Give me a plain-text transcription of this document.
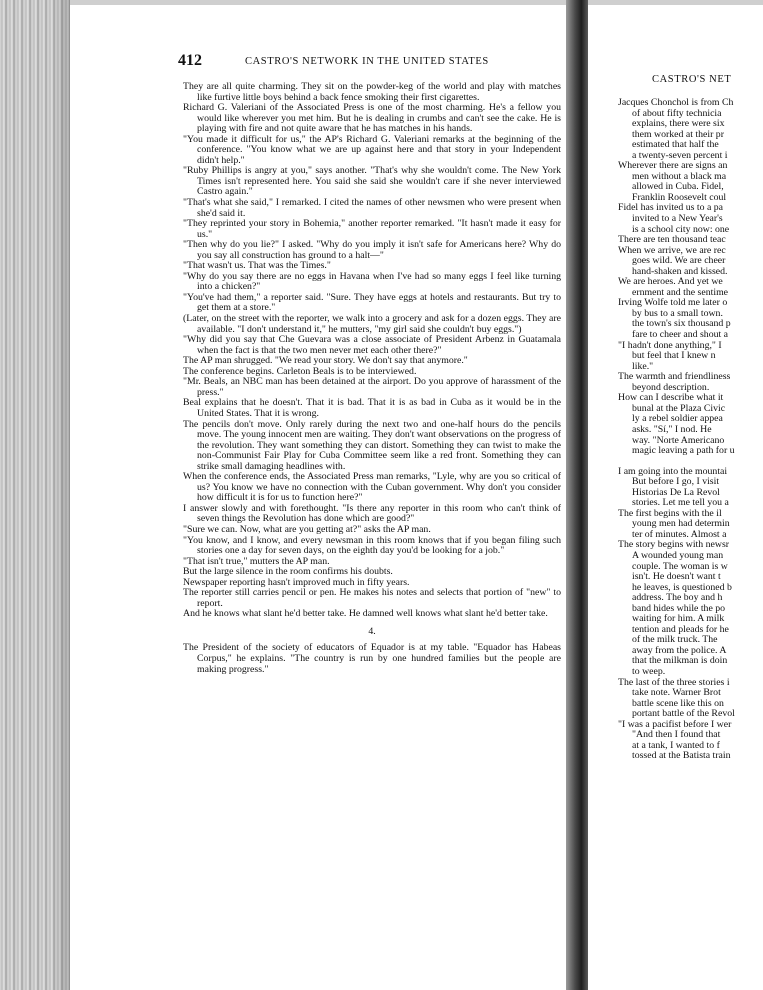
412	CASTRO'S NETWORK IN THE UNITED STATES

They are all quite charming. They sit on the powder-keg of the world and play with matches like furtive little boys behind a back fence smoking their first cigarettes.

Richard G. Valeriani of the Associated Press is one of the most charming. He's a fellow you would like wherever you met him. But he is dealing in crumbs and can't see the cake. He is playing with fire and not quite aware that he has matches in his hands.

"You made it difficult for us," the AP's Richard G. Valeriani remarks at the beginning of the conference. "You know what we are up against here and that story in your Independent didn't help."

"Ruby Phillips is angry at you," says another. "That's why she wouldn't come. The New York Times isn't represented here. You said she said she wouldn't care if she never interviewed Castro again."

"That's what she said," I remarked. I cited the names of other newsmen who were present when she'd said it.

"They reprinted your story in Bohemia," another reporter remarked. "It hasn't made it easy for us."

"Then why do you lie?" I asked. "Why do you imply it isn't safe for Americans here? Why do you say all construction has ground to a halt—"

"That wasn't us. That was the Times."

"Why do you say there are no eggs in Havana when I've had so many eggs I feel like turning into a chicken?"

"You've had them," a reporter said. "Sure. They have eggs at hotels and restaurants. But try to get them at a store."

(Later, on the street with the reporter, we walk into a grocery and ask for a dozen eggs. They are available. "I don't understand it," he mutters, "my girl said she couldn't buy eggs.")

"Why did you say that Che Guevara was a close associate of President Arbenz in Guatamala when the fact is that the two men never met each other there?"

The AP man shrugged. "We read your story. We don't say that anymore."

The conference begins. Carleton Beals is to be interviewed.

"Mr. Beals, an NBC man has been detained at the airport. Do you approve of harassment of the press."

Beal explains that he doesn't. That it is bad. That it is as bad in Cuba as it would be in the United States. That it is wrong.

The pencils don't move. Only rarely during the next two and one-half hours do the pencils move. The young innocent men are waiting. They don't want observations on the progress of the revolution. They want something they can distort. Something they can twist to make the non-Communist Fair Play for Cuba Committee seem like a red front. Something they can strike small damaging headlines with.

When the conference ends, the Associated Press man remarks, "Lyle, why are you so critical of us? You know we have no connection with the Cuban government. Why don't you consider how difficult it is for us to function here?"

I answer slowly and with forethought. "Is there any reporter in this room who can't think of seven things the Revolution has done which are good?"

"Sure we can. Now, what are you getting at?" asks the AP man.

"You know, and I know, and every newsman in this room knows that if you began filing such stories one a day for seven days, on the eighth day you'd be looking for a job."

"That isn't true," mutters the AP man.

But the large silence in the room confirms his doubts.

Newspaper reporting hasn't improved much in fifty years.

The reporter still carries pencil or pen. He makes his notes and selects that portion of "new" to report.

And he knows what slant he'd better take. He damned well knows what slant he'd better take.

4.

The President of the society of educators of Equador is at my table. "Equador has Habeas Corpus," he explains. "The country is run by one hundred families but the people are making progress."

CASTRO'S NET

Jacques Chonchol is from Ch

of about fifty technicia

explains, there were six

them worked at their pr

estimated that half the

a twenty-seven percent i

Wherever there are signs an

men without a black ma

allowed in Cuba. Fidel,

Franklin Roosevelt coul

Fidel has invited us to a pa

invited to a New Year's

is a school city now: one

There are ten thousand teac

When we arrive, we are rec

goes wild. We are cheer

hand-shaken and kissed.

We are heroes. And yet we

ernment and the sentime

Irving Wolfe told me later o

by bus to a small town.

the town's six thousand p

fare to cheer and shout a

"I hadn't done anything," I

but feel that I knew n

like."

The warmth and friendliness

beyond description.

How can I describe what it

bunal at the Plaza Civic

ly a rebel soldier appea

asks. "Sí," I nod. He

way. "Norte Americano

magic leaving a path for u

I am going into the mountai

But before I go, I visit

Historias De La Revol

stories. Let me tell you a

The first begins with the il

young men had determin

ter of minutes. Almost a

The story begins with newsr

A wounded young man

couple. The woman is w

isn't. He doesn't want t

he leaves, is questioned b

address. The boy and h

band hides while the po

waiting for him. A milk

tention and pleads for he

of the milk truck. The

away from the police. A

that the milkman is doin

to weep.

The last of the three stories i

take note. Warner Brot

battle scene like this on

portant battle of the Revol

"I was a pacifist before I wer

"And then I found that

at a tank, I wanted to f

tossed at the Batista train
